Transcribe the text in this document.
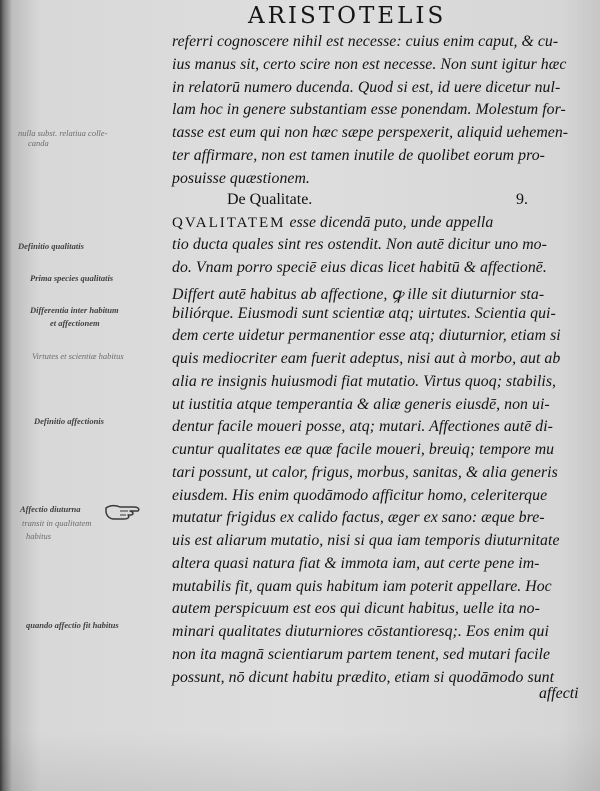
ARISTOTELIS
referri cognoscere nihil est necesse: cuius enim caput, & cu-
ius manus sit, certo scire non est necesse. Non sunt igitur hæc
in relatorū numero ducenda. Quod si est, id uere dicetur nul-
lam hoc in genere substantiam esse ponendam. Molestum for-
tasse est eum qui non hæc sæpe perspexerit, aliquid uehemen-
ter affirmare, non est tamen inutile de quolibet eorum pro-
posuisse quæstionem.
De Qualitate.	9.
QVALITATEM esse dicendā puto, unde appella
tio ducta quales sint res ostendit. Non autē dicitur uno mo-
do. Vnam porro speciē eius dicas licet habitū & affectionē.
Differt autē habitus ab affectione, ꝙ ille sit diuturnior sta-
biliórque. Eiusmodi sunt scientiæ atq; uirtutes. Scientia qui-
dem certe uidetur permanentior esse atq; diuturnior, etiam si
quis mediocriter eam fuerit adeptus, nisi aut à morbo, aut ab
alia re insignis huiusmodi fiat mutatio. Virtus quoq; stabilis,
ut iustitia atque temperantia & aliæ generis eiusdē, non ui-
dentur facile moueri posse, atq; mutari. Affectiones autē di-
cuntur qualitates eæ quæ facile moueri, breuiq; tempore mu
tari possunt, ut calor, frigus, morbus, sanitas, & alia generis
eiusdem. His enim quodāmodo afficitur homo, celeriterque
mutatur frigidus ex calido factus, æger ex sano: æque bre-
uis est aliarum mutatio, nisi si qua iam temporis diuturnitate
altera quasi natura fiat & immota iam, aut certe pene im-
mutabilis fit, quam quis habitum iam poterit appellare. Hoc
autem perspicuum est eos qui dicunt habitus, uelle ita no-
minari qualitates diuturniores cōstantioresq;. Eos enim qui
non ita magnā scientiarum partem tenent, sed mutari facile
possunt, nō dicunt habitu prædito, etiam si quodāmodo sunt
affecti
nulla subst. relatiua colle-
canda
Definitio qualitatis
Prima species qualitatis
Differentia inter habitum
et affectionem
Virtutes et scientiæ habitus
Definitio affectionis
Affectio diuturna
transit in qualitatem
habitus
quando affectio fit habitus
